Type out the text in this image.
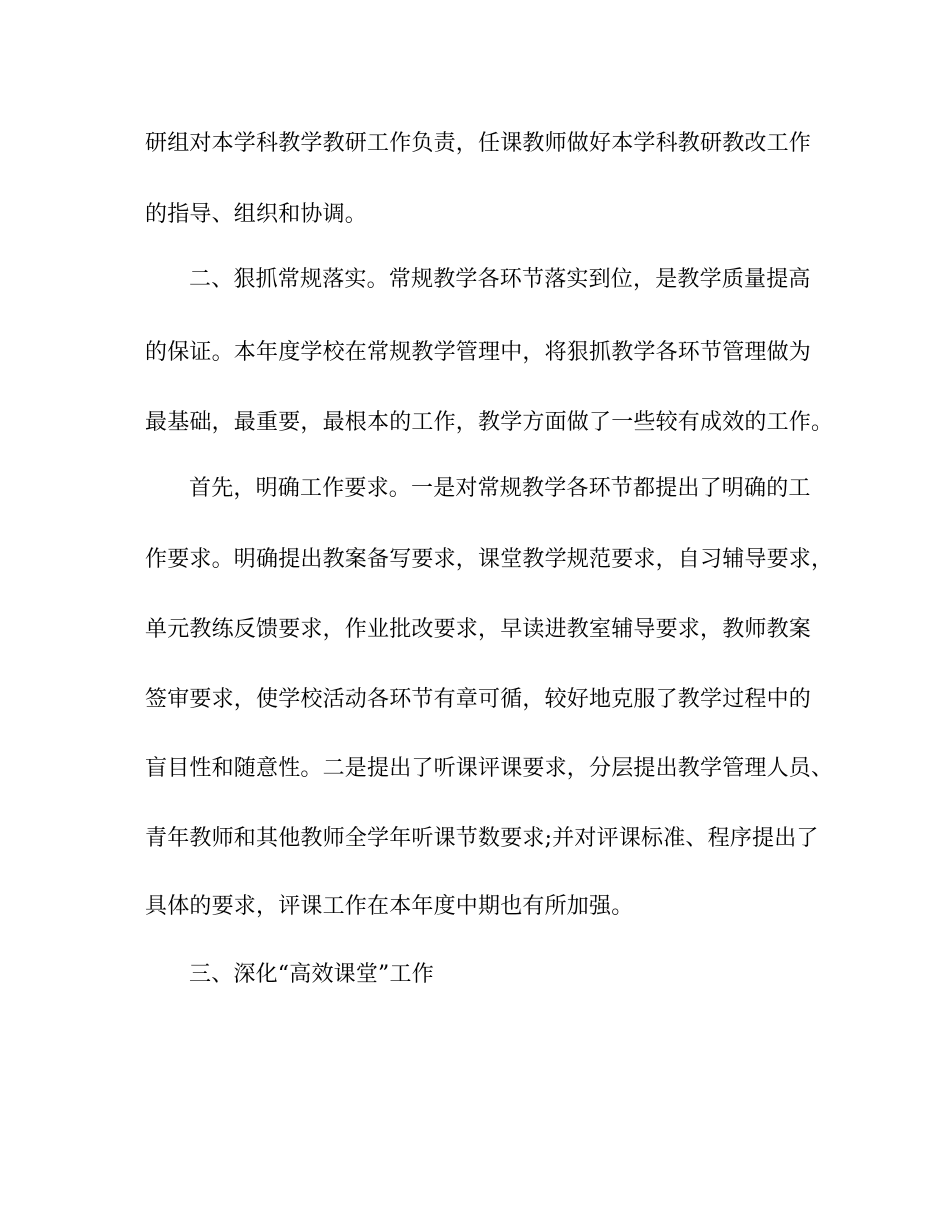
研组对本学科教学教研工作负责，任课教师做好本学科教研教改工作
的指导、组织和协调。
二、狠抓常规落实。常规教学各环节落实到位，是教学质量提高
的保证。本年度学校在常规教学管理中，将狠抓教学各环节管理做为
最基础，最重要，最根本的工作，教学方面做了一些较有成效的工作。
首先，明确工作要求。一是对常规教学各环节都提出了明确的工
作要求。明确提出教案备写要求，课堂教学规范要求，自习辅导要求，
单元教练反馈要求，作业批改要求，早读进教室辅导要求，教师教案
签审要求，使学校活动各环节有章可循，较好地克服了教学过程中的
盲目性和随意性。二是提出了听课评课要求，分层提出教学管理人员、
青年教师和其他教师全学年听课节数要求;并对评课标准、程序提出了
具体的要求，评课工作在本年度中期也有所加强。
三、深化“高效课堂”工作
